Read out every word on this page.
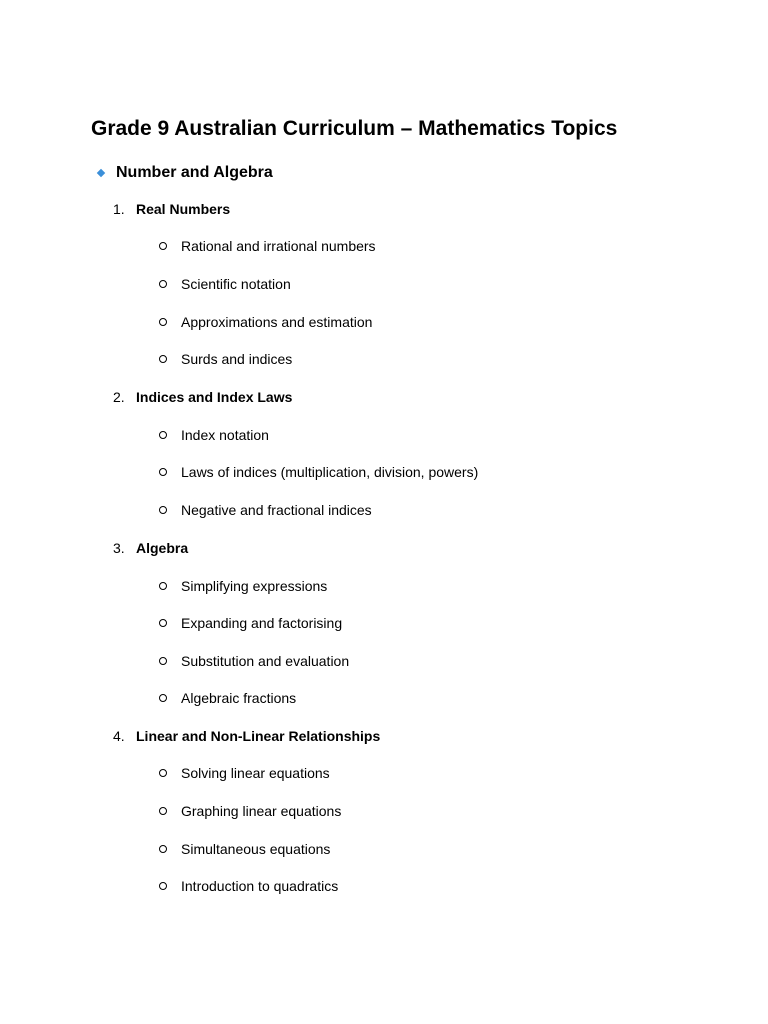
Grade 9 Australian Curriculum – Mathematics Topics
Number and Algebra
1. Real Numbers
Rational and irrational numbers
Scientific notation
Approximations and estimation
Surds and indices
2. Indices and Index Laws
Index notation
Laws of indices (multiplication, division, powers)
Negative and fractional indices
3. Algebra
Simplifying expressions
Expanding and factorising
Substitution and evaluation
Algebraic fractions
4. Linear and Non-Linear Relationships
Solving linear equations
Graphing linear equations
Simultaneous equations
Introduction to quadratics
